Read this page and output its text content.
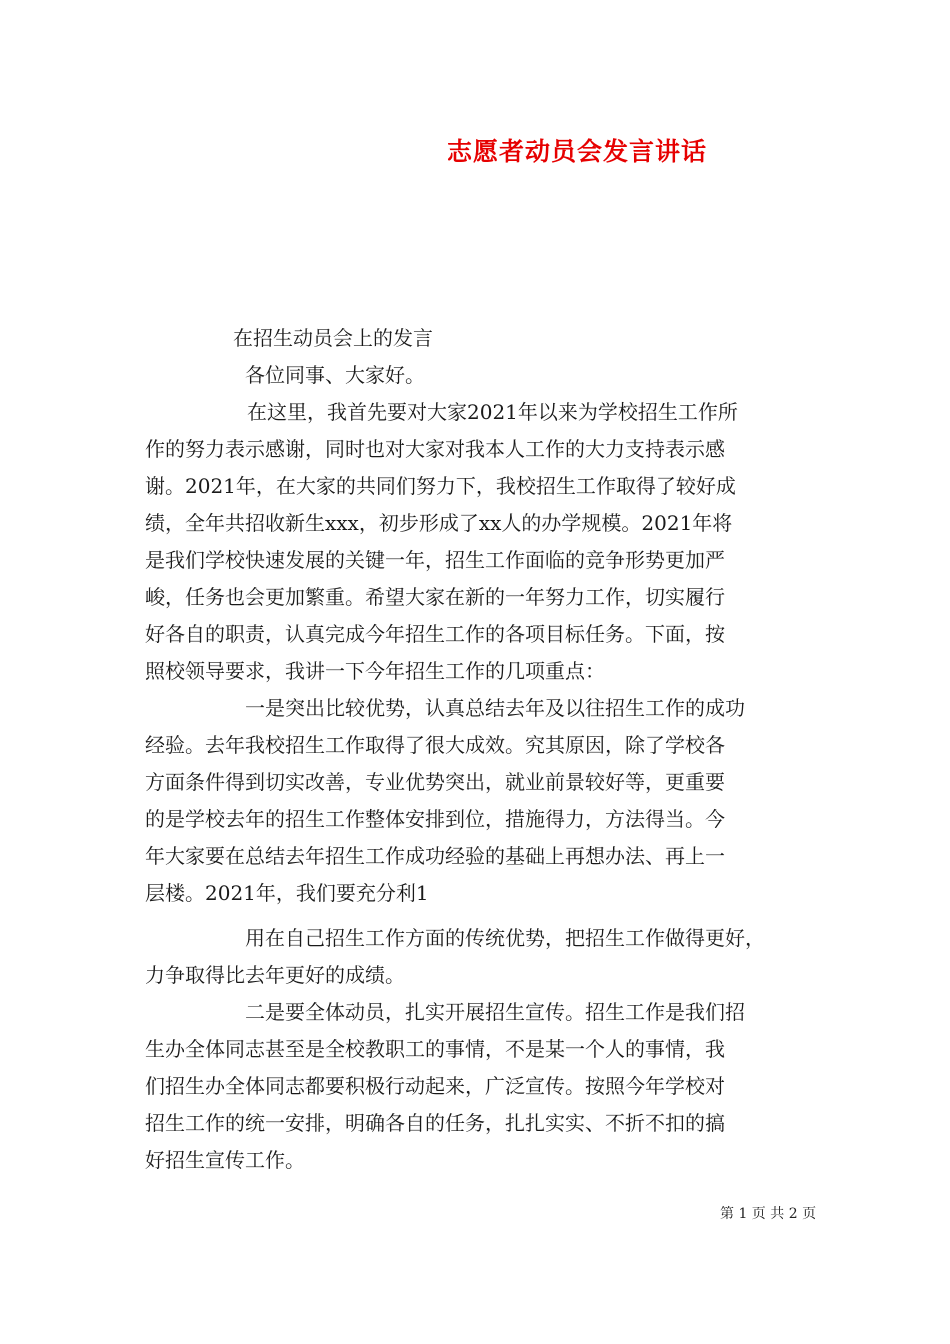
志愿者动员会发言讲话
在招生动员会上的发言
各位同事、大家好。
在这里，我首先要对大家2021年以来为学校招生工作所
作的努力表示感谢，同时也对大家对我本人工作的大力支持表示感
谢。2021年，在大家的共同们努力下，我校招生工作取得了较好成
绩，全年共招收新生xxx，初步形成了xx人的办学规模。2021年将
是我们学校快速发展的关键一年，招生工作面临的竞争形势更加严
峻，任务也会更加繁重。希望大家在新的一年努力工作，切实履行
好各自的职责，认真完成今年招生工作的各项目标任务。下面，按
照校领导要求，我讲一下今年招生工作的几项重点：
一是突出比较优势，认真总结去年及以往招生工作的成功
经验。去年我校招生工作取得了很大成效。究其原因，除了学校各
方面条件得到切实改善，专业优势突出，就业前景较好等，更重要
的是学校去年的招生工作整体安排到位，措施得力，方法得当。今
年大家要在总结去年招生工作成功经验的基础上再想办法、再上一
层楼。2021年，我们要充分利1
用在自己招生工作方面的传统优势，把招生工作做得更好，
力争取得比去年更好的成绩。
二是要全体动员，扎实开展招生宣传。招生工作是我们招
生办全体同志甚至是全校教职工的事情，不是某一个人的事情，我
们招生办全体同志都要积极行动起来，广泛宣传。按照今年学校对
招生工作的统一安排，明确各自的任务，扎扎实实、不折不扣的搞
好招生宣传工作。
第 1 页 共 2 页
